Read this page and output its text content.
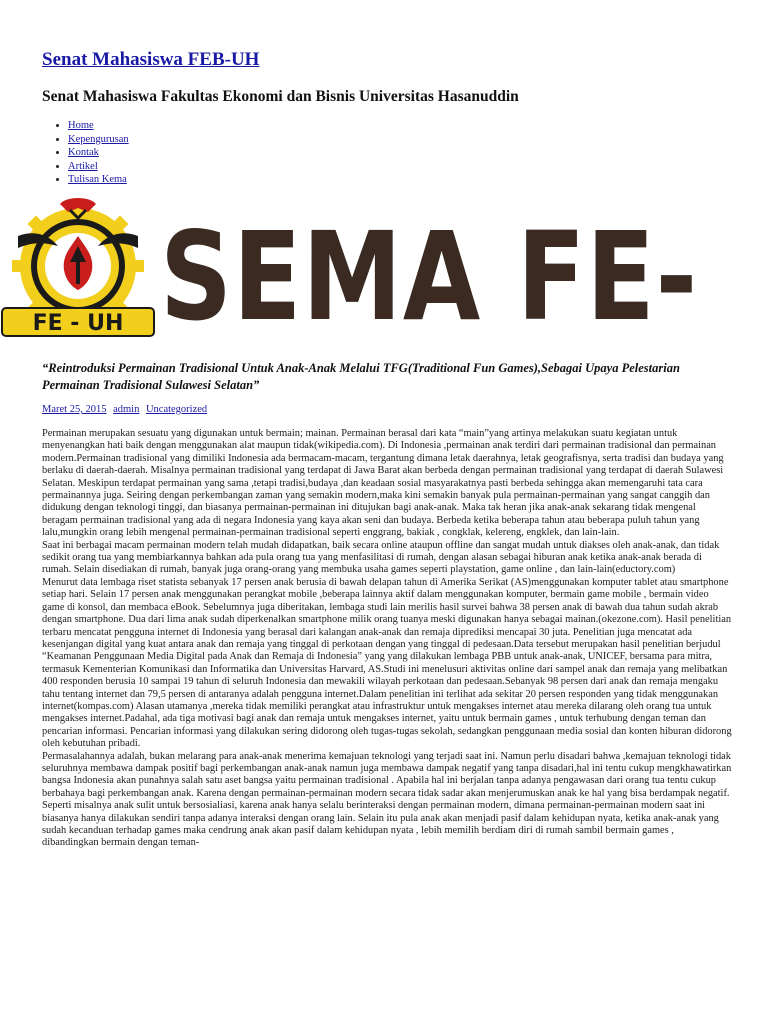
Senat Mahasiswa FEB-UH

Senat Mahasiswa Fakultas Ekonomi dan Bisnis Universitas Hasanuddin

• Home
• Kepengurusan
• Kontak
• Artikel
• Tulisan Kema
FE - UH SEMA FE-
“Reintroduksi Permainan Tradisional Untuk Anak-Anak Melalui TFG(Traditional Fun Games),Sebagai Upaya Pelestarian Permainan Tradisional Sulawesi Selatan”
Maret 25, 2015 admin Uncategorized

Permainan merupakan sesuatu yang digunakan untuk bermain; mainan. Permainan berasal dari kata “main”yang artinya melakukan suatu kegiatan untuk menyenangkan hati baik dengan menggunakan alat maupun tidak(wikipedia.com). Di Indonesia ,permainan anak terdiri dari permainan tradisional dan permainan modern.Permainan tradisional yang dimiliki Indonesia ada bermacam-macam, tergantung dimana letak daerahnya, letak geografisnya, serta tradisi dan budaya yang berlaku di daerah-daerah. Misalnya permainan tradisional yang terdapat di Jawa Barat akan berbeda dengan permainan tradisional yang terdapat di daerah Sulawesi Selatan. Meskipun terdapat permainan yang sama ,tetapi tradisi,budaya ,dan keadaan sosial masyarakatnya pasti berbeda sehingga akan memengaruhi tata cara permainannya juga. Seiring dengan perkembangan zaman yang semakin modern,maka kini semakin banyak pula permainan-permainan yang sangat canggih dan didukung dengan teknologi tinggi, dan biasanya permainan-permainan ini ditujukan bagi anak-anak. Maka tak heran jika anak-anak sekarang tidak mengenal beragam permainan tradisional yang ada di negara Indonesia yang kaya akan seni dan budaya. Berbeda ketika beberapa tahun atau beberapa puluh tahun yang lalu,mungkin orang lebih mengenal permainan-permainan tradisional seperti enggrang, bakiak , congklak, kelereng, engklek, dan lain-lain.

Saat ini berbagai macam permainan modern telah mudah didapatkan, baik secara online ataupun offline dan sangat mudah untuk diakses oleh anak-anak, dan tidak sedikit orang tua yang membiarkannya bahkan ada pula orang tua yang menfasilitasi di rumah, dengan alasan sebagai hiburan anak ketika anak-anak berada di rumah. Selain disediakan di rumah, banyak juga orang-orang yang membuka usaha games seperti playstation, game online , dan lain-lain(eductory.com)

Menurut data lembaga riset statista sebanyak 17 persen anak berusia di bawah delapan tahun di Amerika Serikat (AS)menggunakan komputer tablet atau smartphone setiap hari. Selain 17 persen anak menggunakan perangkat mobile ,beberapa lainnya aktif dalam menggunakan komputer, bermain game mobile , bermain video game di konsol, dan membaca eBook. Sebelumnya juga diberitakan, lembaga studi lain merilis hasil survei bahwa 38 persen anak di bawah dua tahun sudah akrab dengan smartphone. Dua dari lima anak sudah diperkenalkan smartphone milik orang tuanya meski digunakan hanya sebagai mainan.(okezone.com). Hasil penelitian terbaru mencatat pengguna internet di Indonesia yang berasal dari kalangan anak-anak dan remaja diprediksi mencapai 30 juta. Penelitian juga mencatat ada kesenjangan digital yang kuat antara anak dan remaja yang tinggal di perkotaan dengan yang tinggal di pedesaan.Data tersebut merupakan hasil penelitian berjudul “Keamanan Penggunaan Media Digital pada Anak dan Remaja di Indonesia” yang yang dilakukan lembaga PBB untuk anak-anak, UNICEF, bersama para mitra, termasuk Kementerian Komunikasi dan Informatika dan Universitas Harvard, AS.Studi ini menelusuri aktivitas online dari sampel anak dan remaja yang melibatkan 400 responden berusia 10 sampai 19 tahun di seluruh Indonesia dan mewakili wilayah perkotaan dan pedesaan.Sebanyak 98 persen dari anak dan remaja mengaku tahu tentang internet dan 79,5 persen di antaranya adalah pengguna internet.Dalam penelitian ini terlihat ada sekitar 20 persen responden yang tidak menggunakan internet(kompas.com) Alasan utamanya ,mereka tidak memiliki perangkat atau infrastruktur untuk mengakses internet atau mereka dilarang oleh orang tua untuk mengakses internet.Padahal, ada tiga motivasi bagi anak dan remaja untuk mengakses internet, yaitu untuk bermain games , untuk terhubung dengan teman dan pencarian informasi. Pencarian informasi yang dilakukan sering didorong oleh tugas-tugas sekolah, sedangkan penggunaan media sosial dan konten hiburan didorong oleh kebutuhan pribadi.

Permasalahannya adalah, bukan melarang para anak-anak menerima kemajuan teknologi yang terjadi saat ini. Namun perlu disadari bahwa ,kemajuan teknologi tidak seluruhnya membawa dampak positif bagi perkembangan anak-anak namun juga membawa dampak negatif yang tanpa disadari,hal ini tentu cukup mengkhawatirkan bangsa Indonesia akan punahnya salah satu aset bangsa yaitu permainan tradisional . Apabila hal ini berjalan tanpa adanya pengawasan dari orang tua tentu cukup berbahaya bagi perkembangan anak. Karena dengan permainan-permainan modern secara tidak sadar akan menjerumuskan anak ke hal yang bisa berdampak negatif. Seperti misalnya anak sulit untuk bersosialiasi, karena anak hanya selalu berinteraksi dengan permainan modern, dimana permainan-permainan modern saat ini biasanya hanya dilakukan sendiri tanpa adanya interaksi dengan orang lain. Selain itu pula anak akan menjadi pasif dalam kehidupan nyata, ketika anak-anak yang sudah kecanduan terhadap games maka cendrung anak akan pasif dalam kehidupan nyata , lebih memilih berdiam diri di rumah sambil bermain games , dibandingkan bermain dengan teman-
